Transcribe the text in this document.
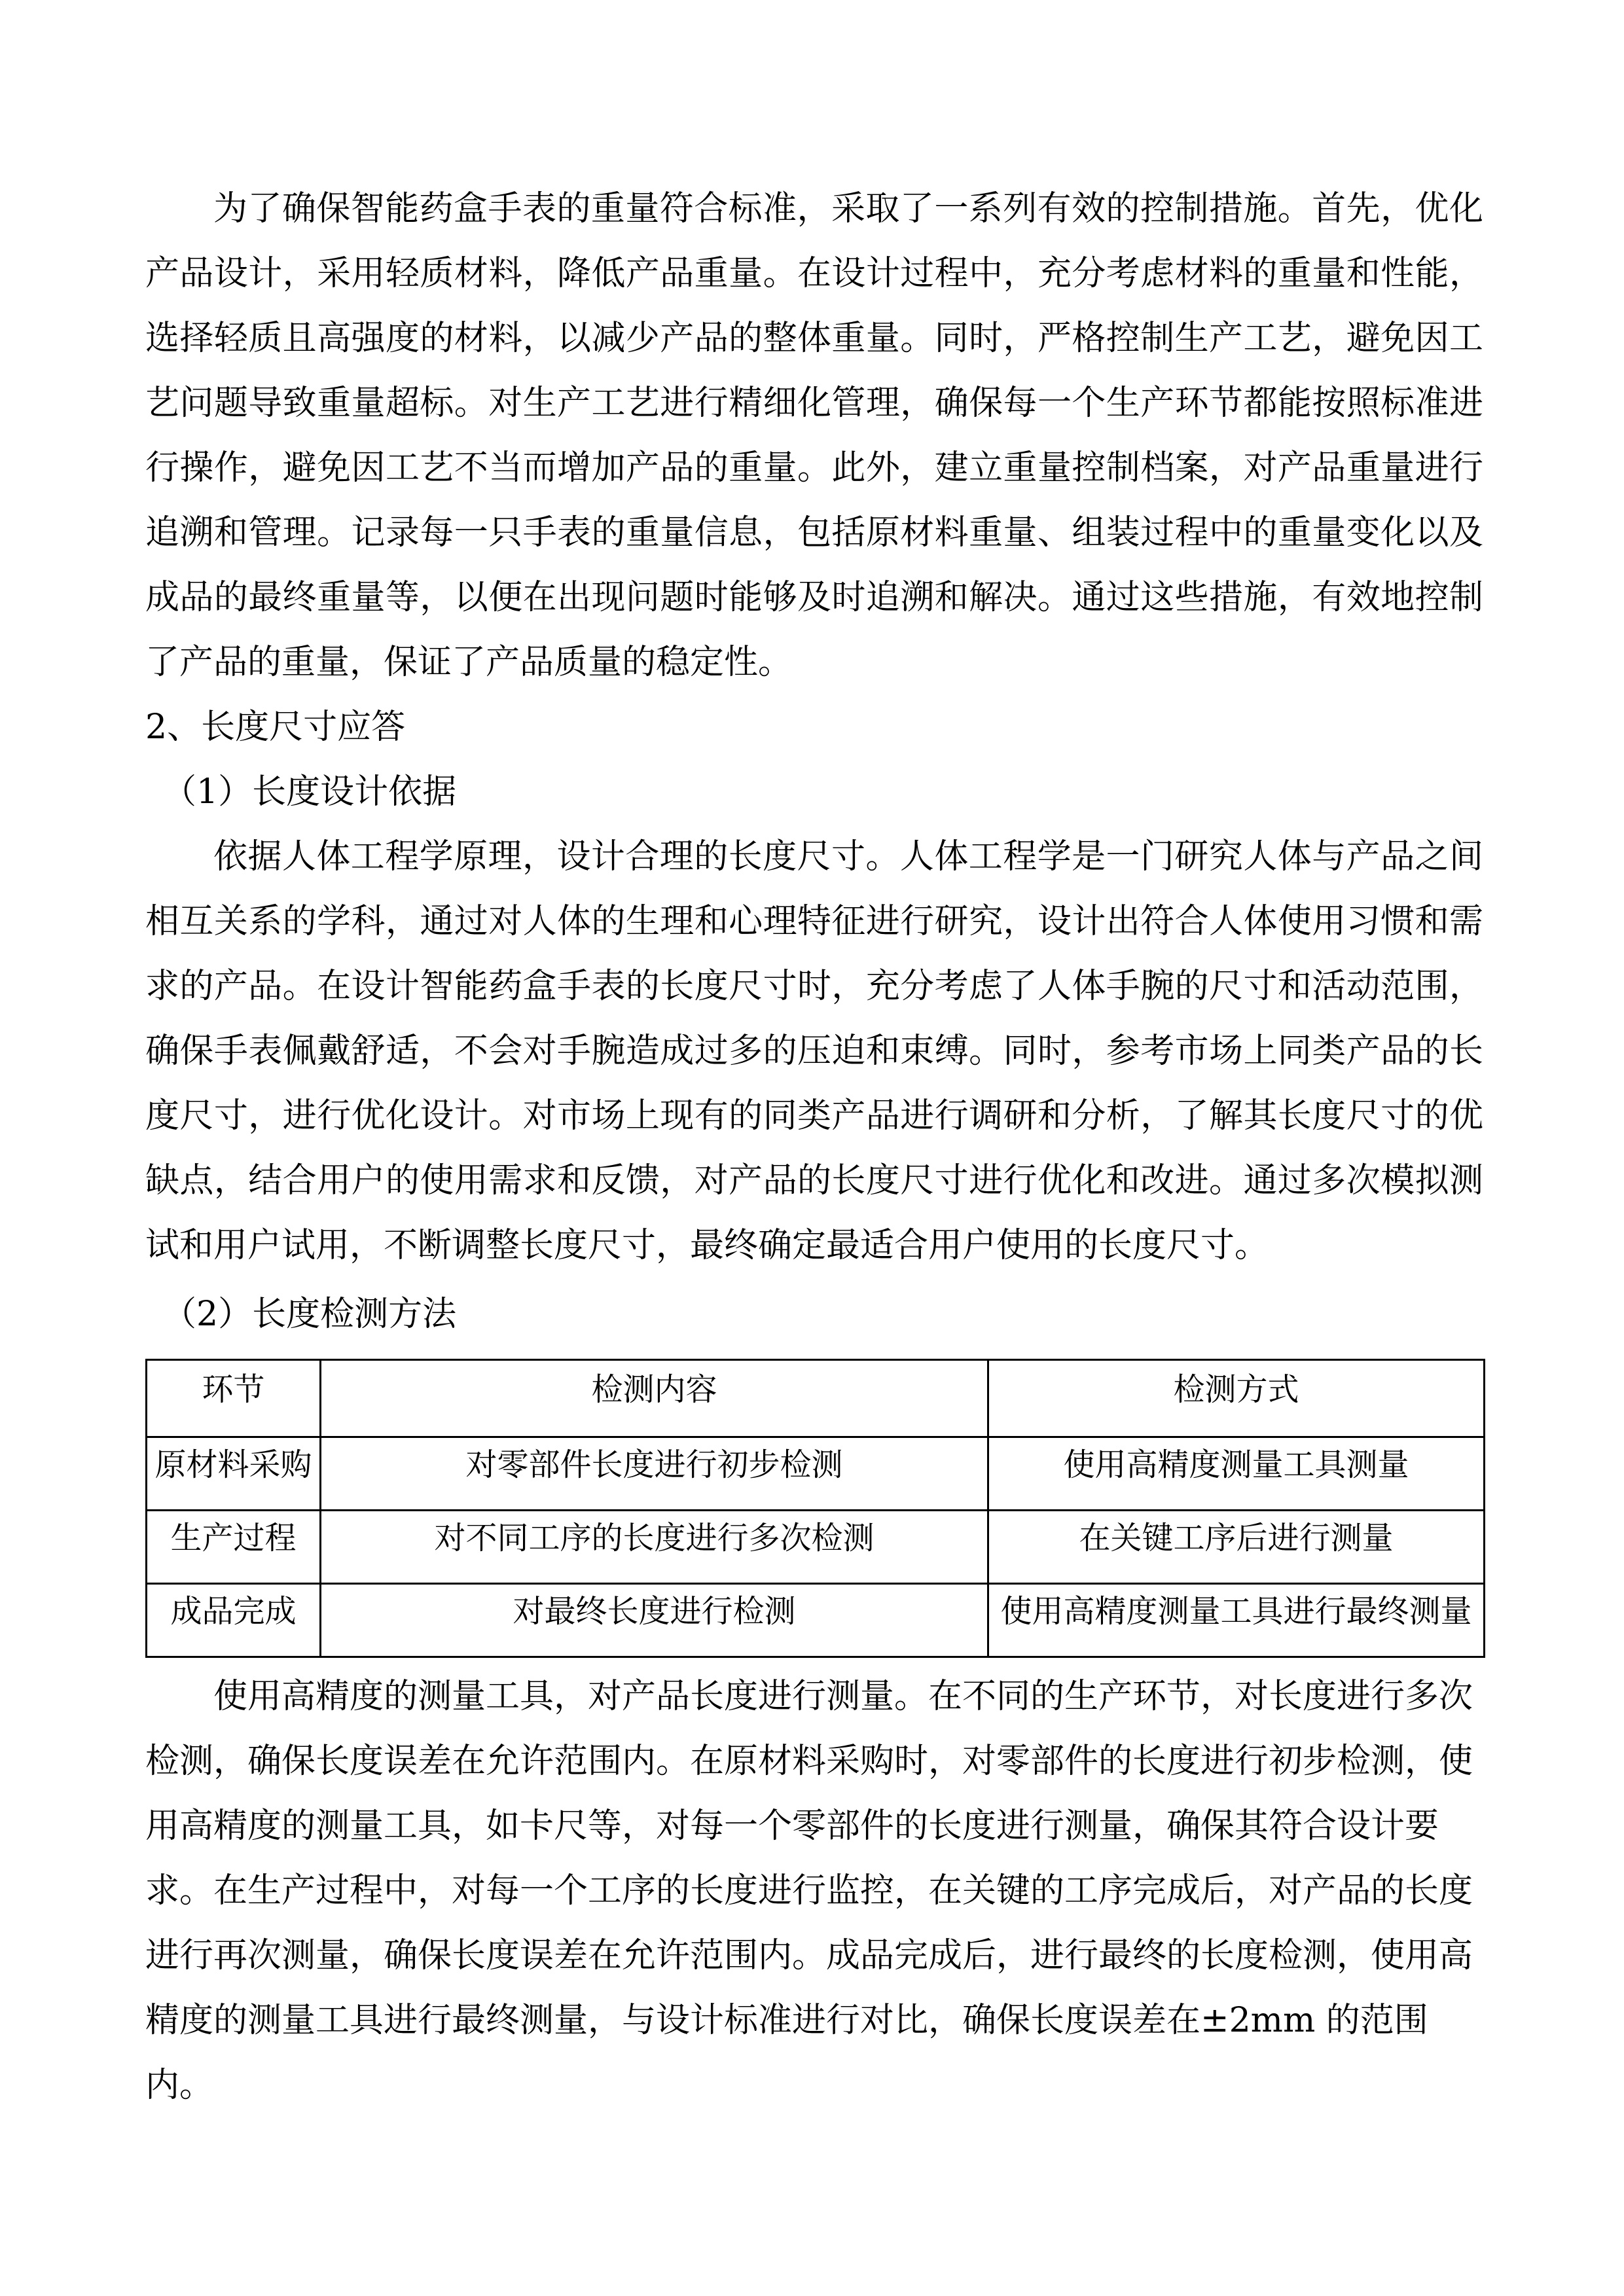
为了确保智能药盒手表的重量符合标准，采取了一系列有效的控制措施。首先，优化产品设计，采用轻质材料，降低产品重量。在设计过程中，充分考虑材料的重量和性能，选择轻质且高强度的材料，以减少产品的整体重量。同时，严格控制生产工艺，避免因工艺问题导致重量超标。对生产工艺进行精细化管理，确保每一个生产环节都能按照标准进行操作，避免因工艺不当而增加产品的重量。此外，建立重量控制档案，对产品重量进行追溯和管理。记录每一只手表的重量信息，包括原材料重量、组装过程中的重量变化以及成品的最终重量等，以便在出现问题时能够及时追溯和解决。通过这些措施，有效地控制了产品的重量，保证了产品质量的稳定性。

2、长度尺寸应答

（1）长度设计依据

依据人体工程学原理，设计合理的长度尺寸。人体工程学是一门研究人体与产品之间相互关系的学科，通过对人体的生理和心理特征进行研究，设计出符合人体使用习惯和需求的产品。在设计智能药盒手表的长度尺寸时，充分考虑了人体手腕的尺寸和活动范围，确保手表佩戴舒适，不会对手腕造成过多的压迫和束缚。同时，参考市场上同类产品的长度尺寸，进行优化设计。对市场上现有的同类产品进行调研和分析，了解其长度尺寸的优缺点，结合用户的使用需求和反馈，对产品的长度尺寸进行优化和改进。通过多次模拟测试和用户试用，不断调整长度尺寸，最终确定最适合用户使用的长度尺寸。

（2）长度检测方法

环节	检测内容	检测方式
原材料采购	对零部件长度进行初步检测	使用高精度测量工具测量
生产过程	对不同工序的长度进行多次检测	在关键工序后进行测量
成品完成	对最终长度进行检测	使用高精度测量工具进行最终测量

使用高精度的测量工具，对产品长度进行测量。在不同的生产环节，对长度进行多次检测，确保长度误差在允许范围内。在原材料采购时，对零部件的长度进行初步检测，使用高精度的测量工具，如卡尺等，对每一个零部件的长度进行测量，确保其符合设计要求。在生产过程中，对每一个工序的长度进行监控，在关键的工序完成后，对产品的长度进行再次测量，确保长度误差在允许范围内。成品完成后，进行最终的长度检测，使用高精度的测量工具进行最终测量，与设计标准进行对比，确保长度误差在±2mm 的范围内。
